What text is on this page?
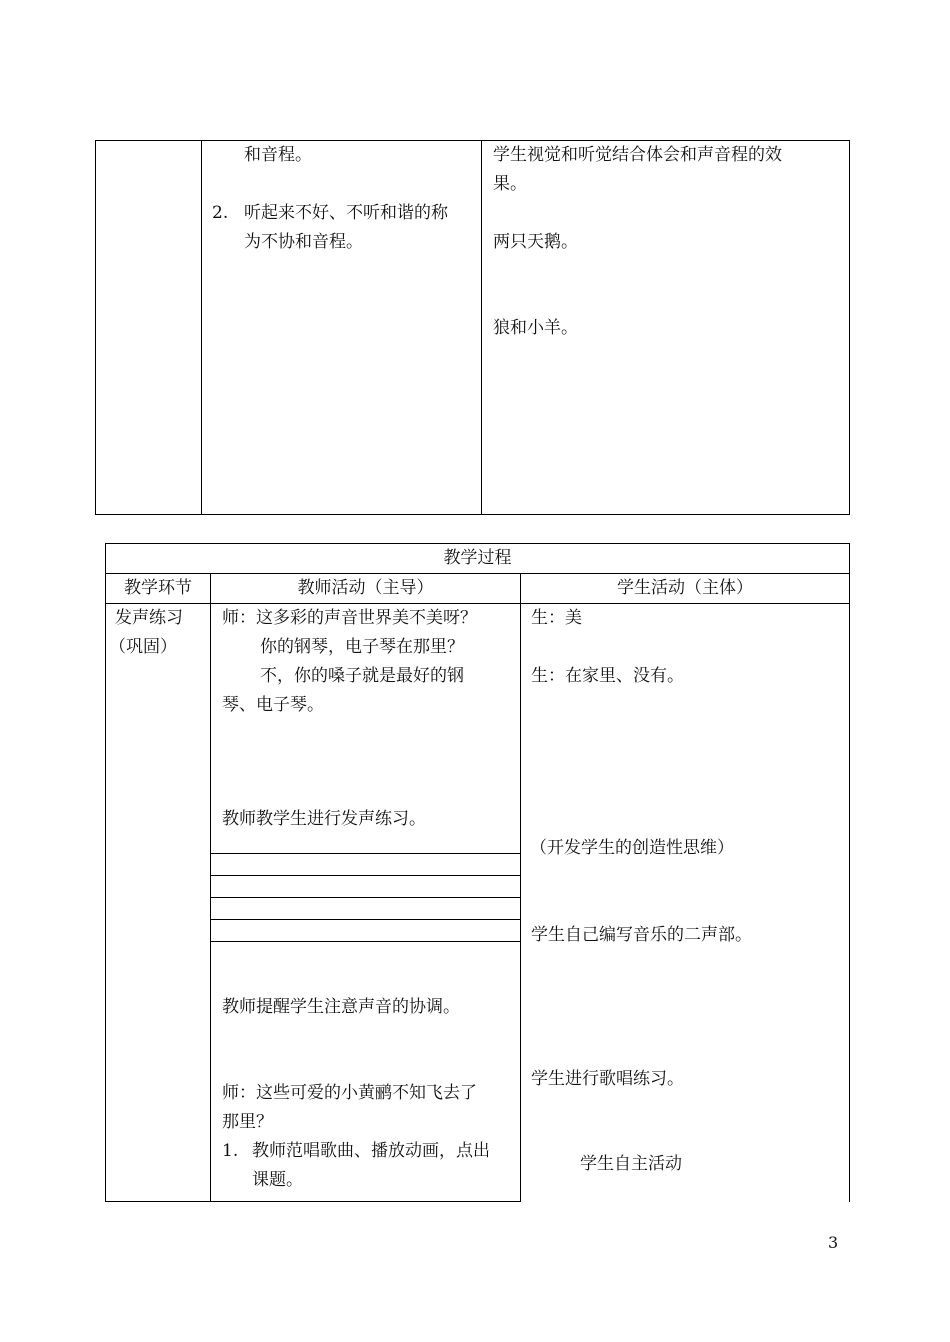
和音程。
2. 听起来不好、不听和谐的称
为不协和音程。
学生视觉和听觉结合体会和声音程的效
果。
两只天鹅。
狼和小羊。
教学过程
教学环节	教师活动（主导）	学生活动（主体）
发声练习
（巩固）
师：这多彩的声音世界美不美呀？
你的钢琴，电子琴在那里？
不，你的嗓子就是最好的钢
琴、电子琴。
教师教学生进行发声练习。
教师提醒学生注意声音的协调。
师：这些可爱的小黄鹂不知飞去了
那里？
1. 教师范唱歌曲、播放动画，点出
课题。
生：美
生：在家里、没有。
（开发学生的创造性思维）
学生自己编写音乐的二声部。
学生进行歌唱练习。
学生自主活动
3
